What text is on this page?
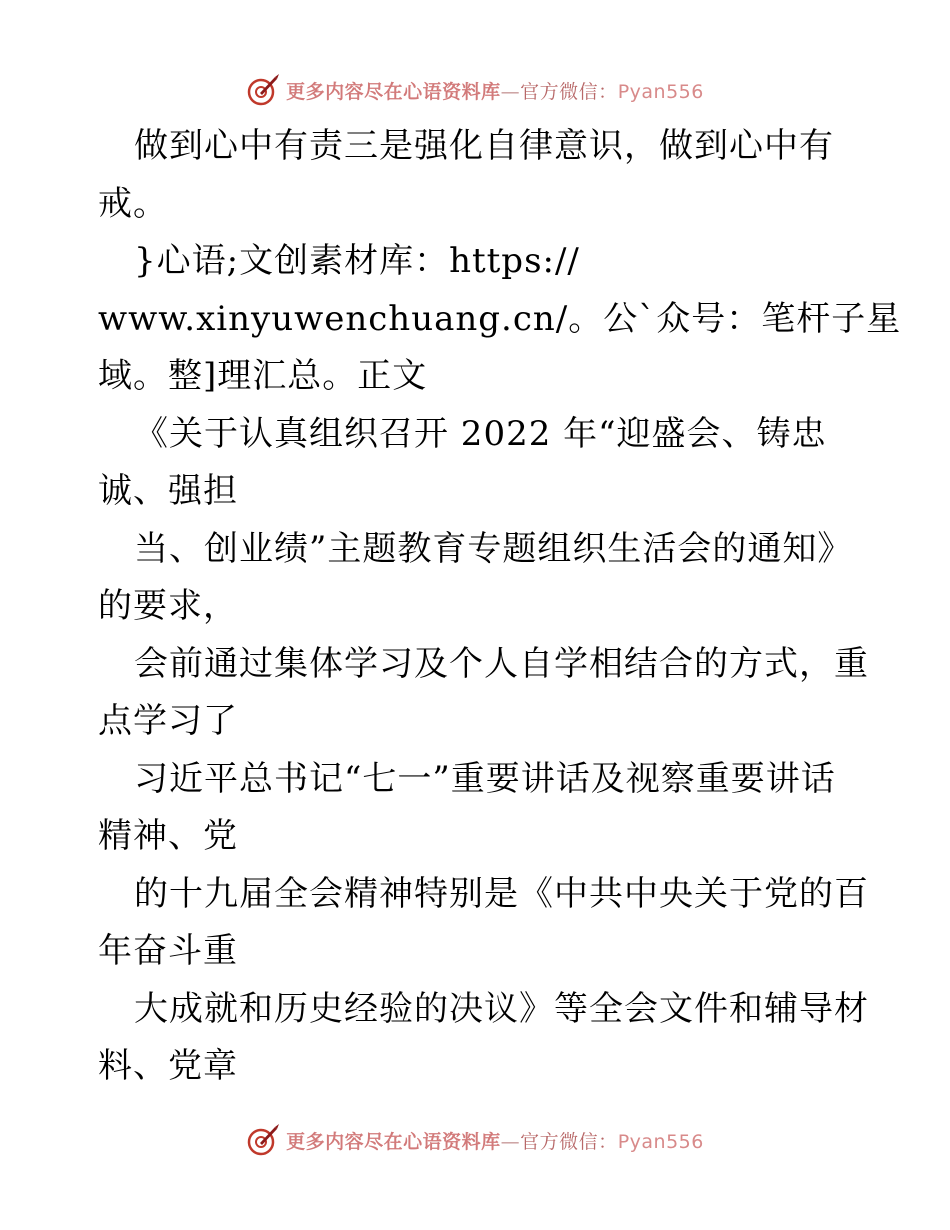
更多内容尽在心语资料库—官方微信：Pyan556
做到心中有责三是强化自律意识，做到心中有
戒。
}心语;文创素材库：https://
www.xinyuwenchuang.cn/。公`众号：笔杆子星
域。整]理汇总。正文
《关于认真组织召开 2022 年“迎盛会、铸忠
诚、强担
当、创业绩”主题教育专题组织生活会的通知》
的要求，
会前通过集体学习及个人自学相结合的方式，重
点学习了
习近平总书记“七一”重要讲话及视察重要讲话
精神、党
的十九届全会精神特别是《中共中央关于党的百
年奋斗重
大成就和历史经验的决议》等全会文件和辅导材
料、党章
更多内容尽在心语资料库—官方微信：Pyan556
